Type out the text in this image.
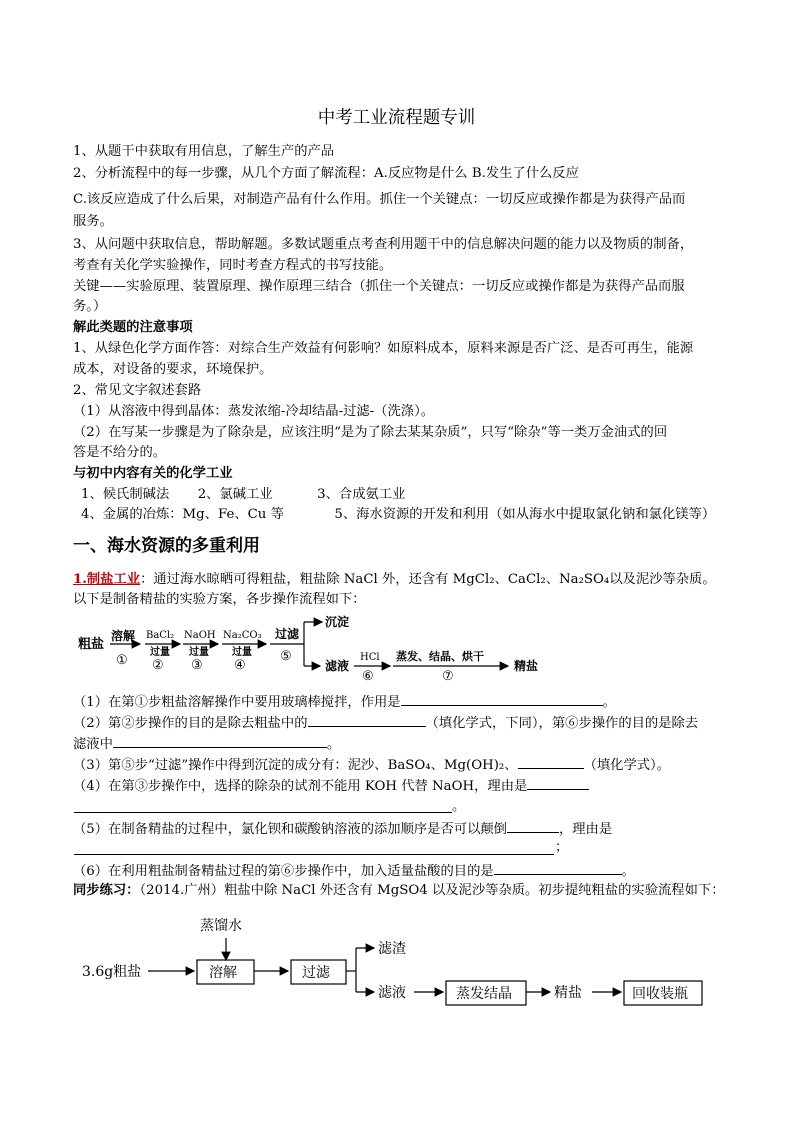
中考工业流程题专训
1、从题干中获取有用信息，了解生产的产品
2、分析流程中的每一步骤，从几个方面了解流程：A.反应物是什么 B.发生了什么反应
C.该反应造成了什么后果，对制造产品有什么作用。抓住一个关键点：一切反应或操作都是为获得产品而
服务。
3、从问题中获取信息，帮助解题。多数试题重点考查利用题干中的信息解决问题的能力以及物质的制备，
考查有关化学实验操作，同时考查方程式的书写技能。
关键——实验原理、装置原理、操作原理三结合（抓住一个关键点：一切反应或操作都是为获得产品而服
务。）
解此类题的注意事项
1、从绿色化学方面作答：对综合生产效益有何影响？如原料成本，原料来源是否广泛、是否可再生，能源
成本，对设备的要求，环境保护。
2、常见文字叙述套路
（1）从溶液中得到晶体：蒸发浓缩-冷却结晶-过滤-（洗涤）。
（2）在写某一步骤是为了除杂是，应该注明“是为了除去某某杂质”，只写“除杂”等一类万金油式的回
答是不给分的。
与初中内容有关的化学工业
1、候氏制碱法 2、氯碱工业	3、合成氨工业
4、金属的冶炼：Mg、Fe、Cu 等	5、海水资源的开发和利用（如从海水中提取氯化钠和氯化镁等）
一、海水资源的多重利用
1.制盐工业：通过海水晾晒可得粗盐，粗盐除 NaCl 外，还含有 MgCl₂、CaCl₂、Na₂SO₄以及泥沙等杂质。
以下是制备精盐的实验方案，各步操作流程如下：
粗盐
溶解
①
BaCl₂
过量
②
NaOH
过量
③
Na₂CO₃
过量
④
过滤
⑤
沉淀
滤液
HCl
⑥
蒸发、结晶、烘干
⑦
精盐
（1）在第①步粗盐溶解操作中要用玻璃棒搅拌，作用是	。
（2）第②步操作的目的是除去粗盐中的	（填化学式，下同），第⑥步操作的目的是除去
滤液中	。
（3）第⑤步“过滤”操作中得到沉淀的成分有：泥沙、BaSO₄、Mg(OH)₂、	（填化学式）。
（4）在第③步操作中，选择的除杂的试剂不能用 KOH 代替 NaOH，理由是
。
（5）在制备精盐的过程中，氯化钡和碳酸钠溶液的添加顺序是否可以颠倒	，理由是
；
（6）在利用粗盐制备精盐过程的第⑥步操作中，加入适量盐酸的目的是	。
同步练习：（2014.广州）粗盐中除 NaCl 外还含有 MgSO4 以及泥沙等杂质。初步提纯粗盐的实验流程如下：
蒸馏水
3.6g粗盐	溶解	过滤
滤渣
滤液	蒸发结晶	精盐	回收装瓶
